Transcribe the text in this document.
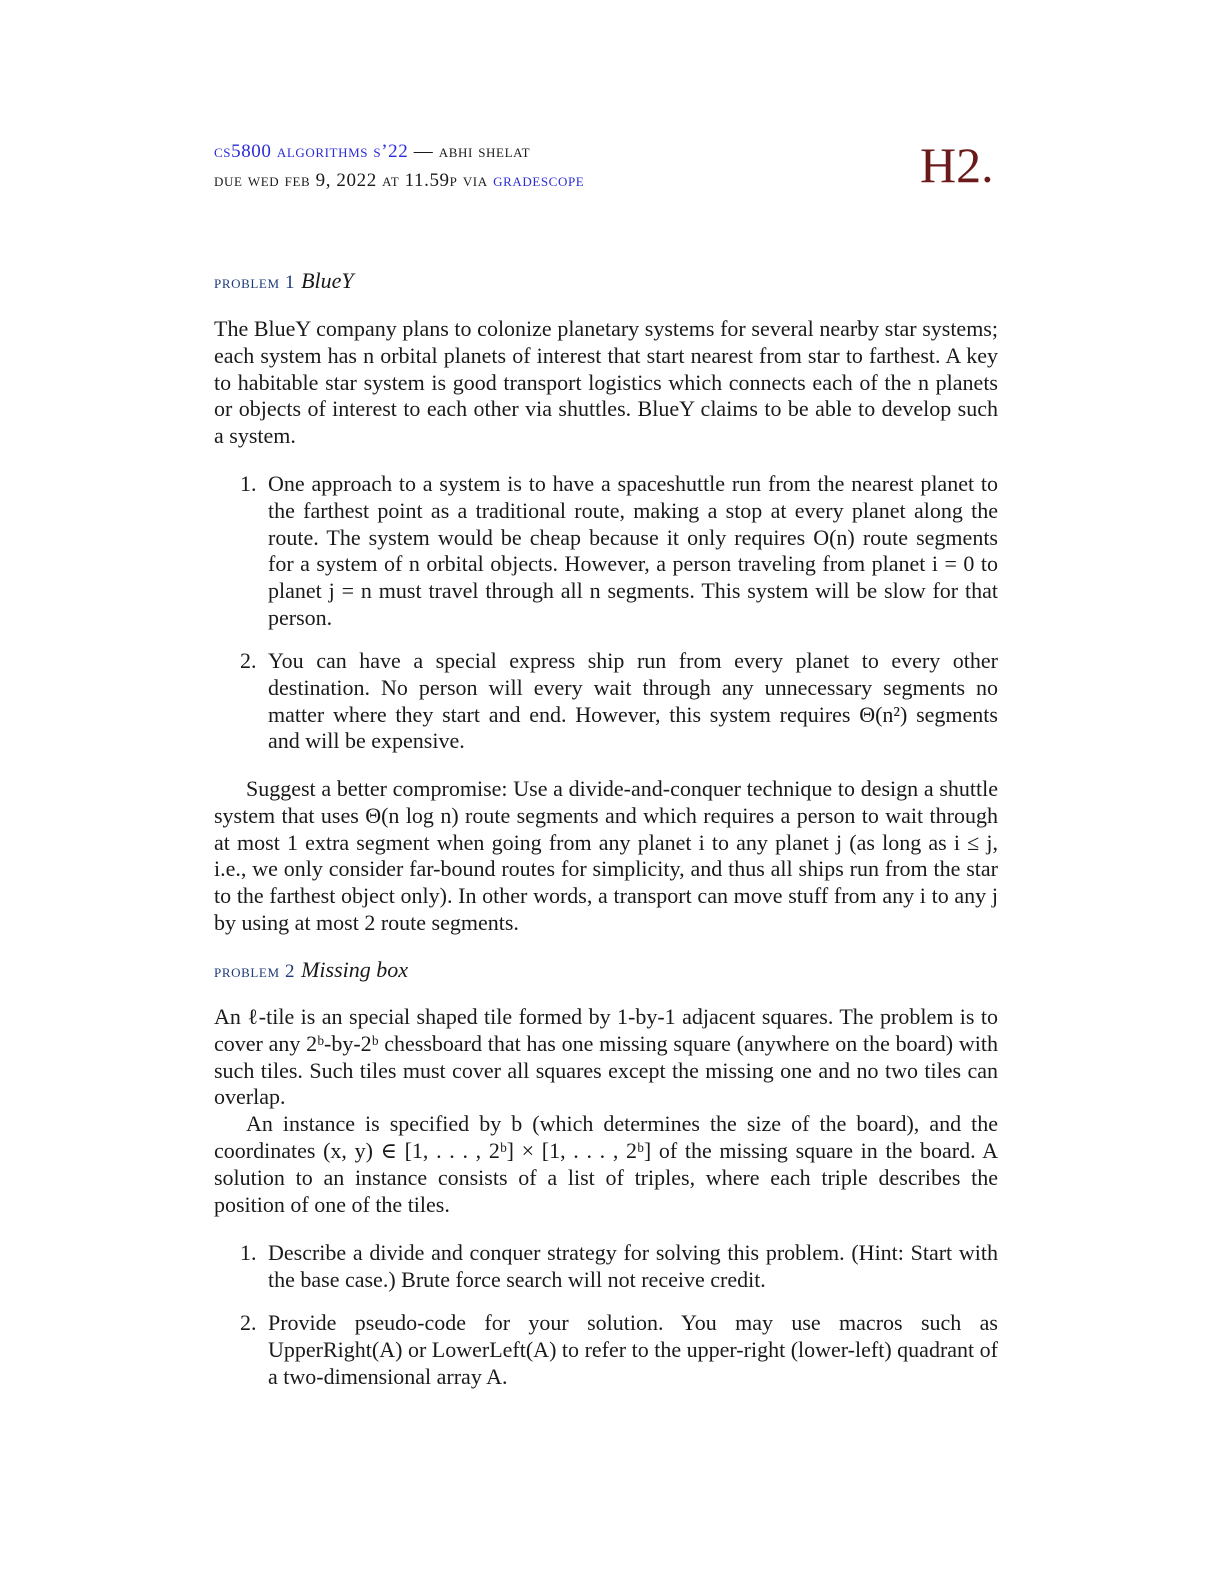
cs5800 algorithms s’22 — abhi shelat
due wed feb 9, 2022 at 11.59p via gradescope	H2.
problem 1 BlueY

The BlueY company plans to colonize planetary systems for several nearby star systems; each system has n orbital planets of interest that start nearest from star to farthest. A key to habitable star system is good transport logistics which connects each of the n planets or objects of interest to each other via shuttles. BlueY claims to be able to develop such a system.

1. One approach to a system is to have a spaceshuttle run from the nearest planet to the farthest point as a traditional route, making a stop at every planet along the route. The system would be cheap because it only requires O(n) route segments for a system of n orbital objects. However, a person traveling from planet i = 0 to planet j = n must travel through all n segments. This system will be slow for that person.
2. You can have a special express ship run from every planet to every other destination. No person will every wait through any unnecessary segments no matter where they start and end. However, this system requires Θ(n²) segments and will be expensive.

Suggest a better compromise: Use a divide-and-conquer technique to design a shuttle system that uses Θ(n log n) route segments and which requires a person to wait through at most 1 extra segment when going from any planet i to any planet j (as long as i ≤ j, i.e., we only consider far-bound routes for simplicity, and thus all ships run from the star to the farthest object only). In other words, a transport can move stuff from any i to any j by using at most 2 route segments.

problem 2 Missing box

An ℓ-tile is an special shaped tile formed by 1-by-1 adjacent squares. The problem is to cover any 2ᵇ-by-2ᵇ chessboard that has one missing square (anywhere on the board) with such tiles. Such tiles must cover all squares except the missing one and no two tiles can overlap.

An instance is specified by b (which determines the size of the board), and the coordinates (x, y) ∈ [1, . . . , 2ᵇ] × [1, . . . , 2ᵇ] of the missing square in the board. A solution to an instance consists of a list of triples, where each triple describes the position of one of the tiles.

1. Describe a divide and conquer strategy for solving this problem. (Hint: Start with the base case.) Brute force search will not receive credit.
2. Provide pseudo-code for your solution. You may use macros such as UpperRight(A) or LowerLeft(A) to refer to the upper-right (lower-left) quadrant of a two-dimensional array A.
